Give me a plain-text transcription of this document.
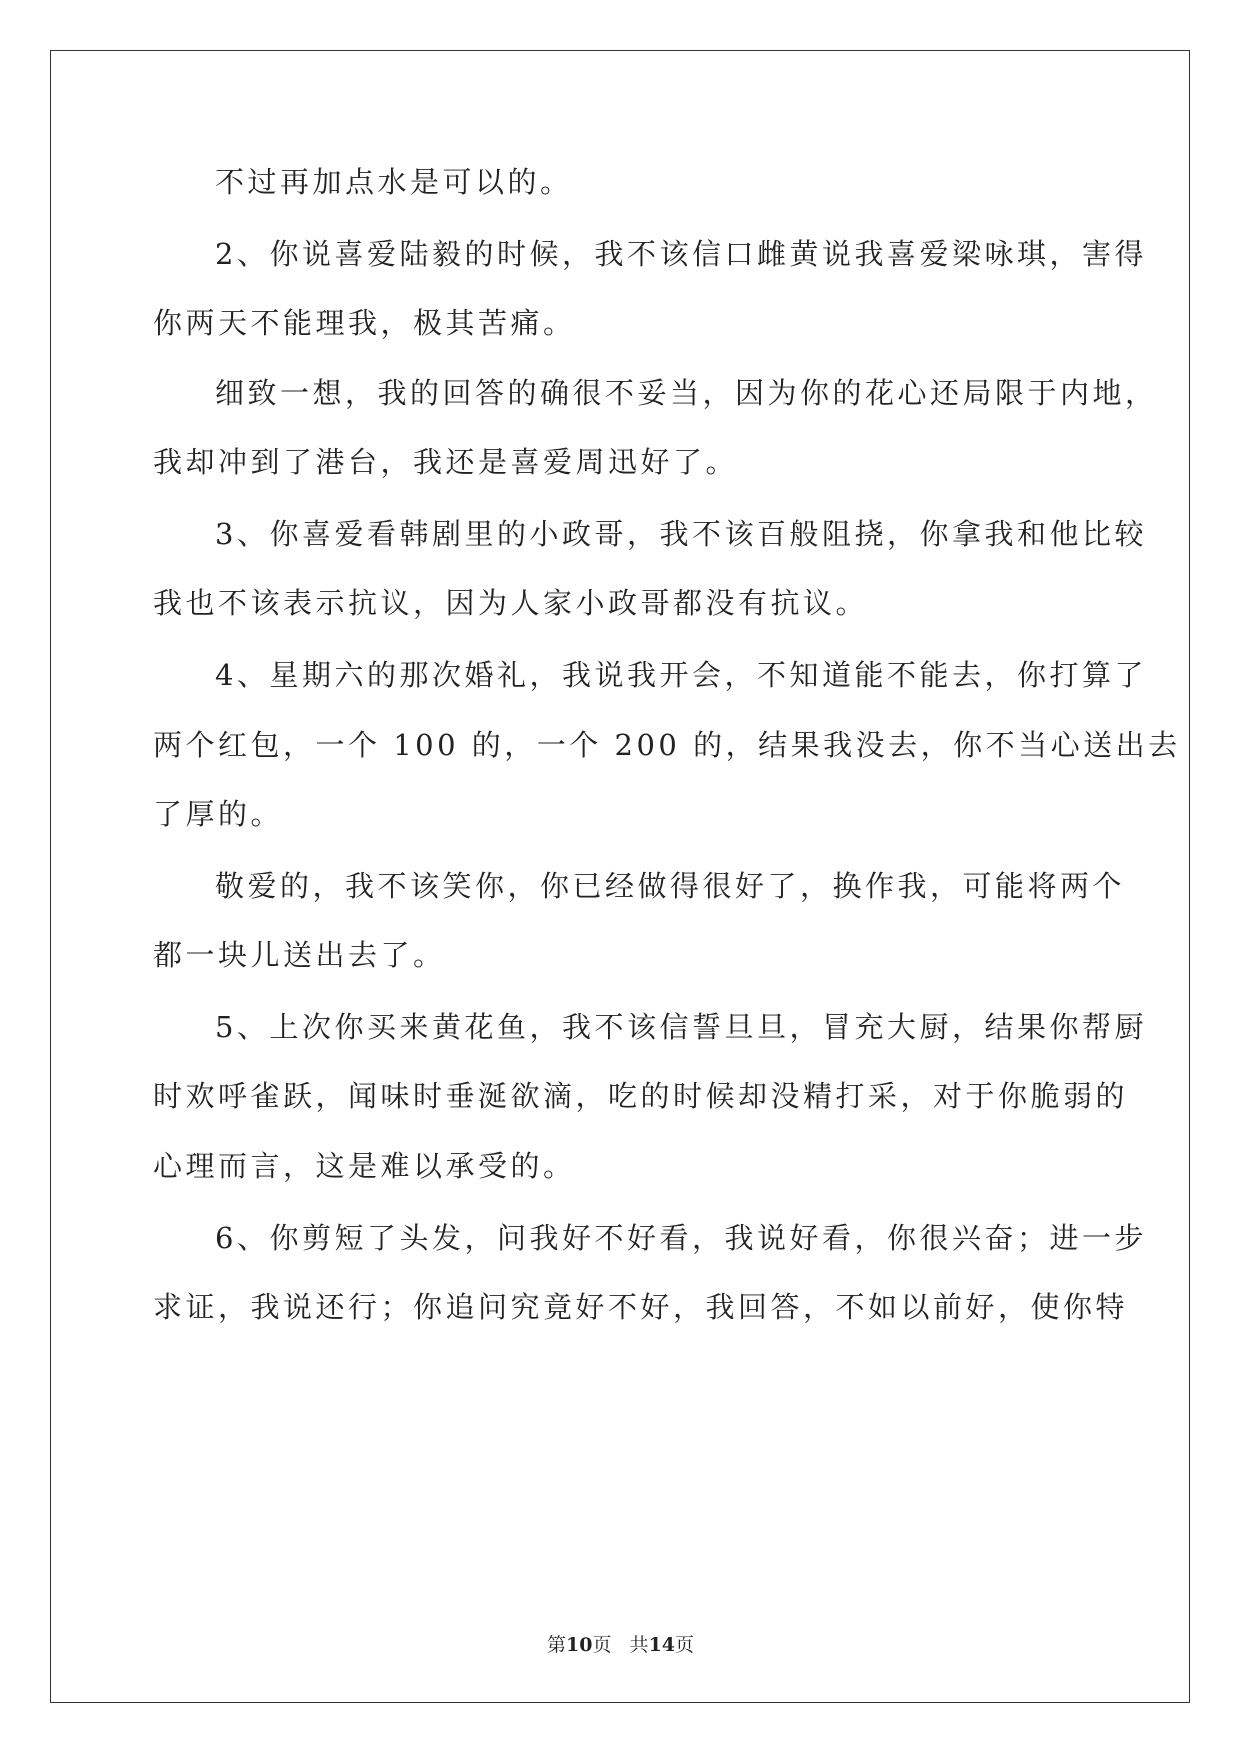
不过再加点水是可以的。
2、你说喜爱陆毅的时候，我不该信口雌黄说我喜爱梁咏琪，害得
你两天不能理我，极其苦痛。
细致一想，我的回答的确很不妥当，因为你的花心还局限于内地，
我却冲到了港台，我还是喜爱周迅好了。
3、你喜爱看韩剧里的小政哥，我不该百般阻挠，你拿我和他比较
我也不该表示抗议，因为人家小政哥都没有抗议。
4、星期六的那次婚礼，我说我开会，不知道能不能去，你打算了
两个红包，一个 100 的，一个 200 的，结果我没去，你不当心送出去
了厚的。
敬爱的，我不该笑你，你已经做得很好了，换作我，可能将两个
都一块儿送出去了。
5、上次你买来黄花鱼，我不该信誓旦旦，冒充大厨，结果你帮厨
时欢呼雀跃，闻味时垂涎欲滴，吃的时候却没精打采，对于你脆弱的
心理而言，这是难以承受的。
6、你剪短了头发，问我好不好看，我说好看，你很兴奋；进一步
求证，我说还行；你追问究竟好不好，我回答，不如以前好，使你特
第10页   共14页
